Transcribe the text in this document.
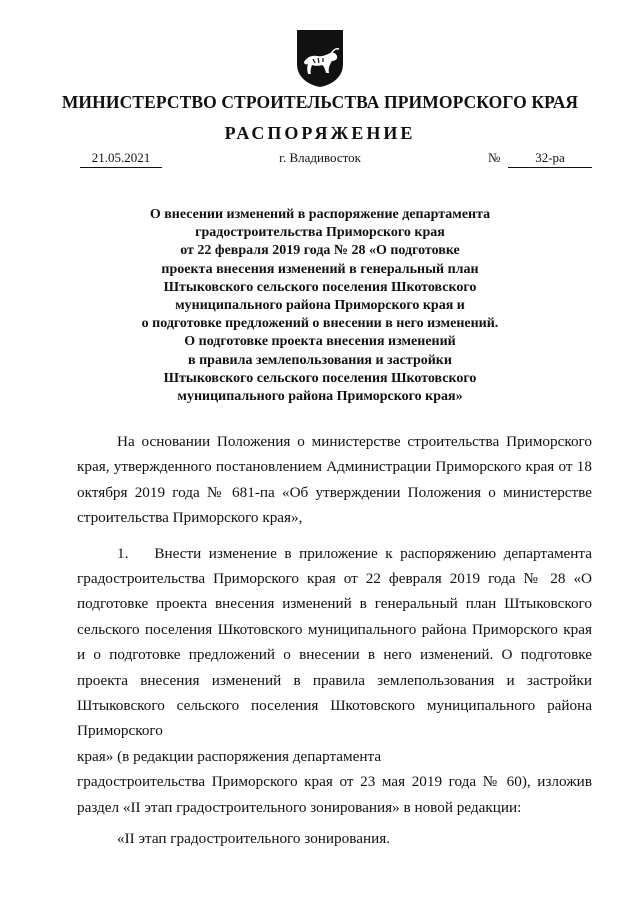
МИНИСТЕРСТВО СТРОИТЕЛЬСТВА ПРИМОРСКОГО КРАЯ
РАСПОРЯЖЕНИЕ
21.05.2021	г. Владивосток	№	32-ра
О внесении изменений в распоряжение департамента
градостроительства Приморского края
от 22 февраля 2019 года № 28 «О подготовке
проекта внесения изменений в генеральный план
Штыковского сельского поселения Шкотовского
муниципального района Приморского края и
о подготовке предложений о внесении в него изменений.
О подготовке проекта внесения изменений
в правила землепользования и застройки
Штыковского сельского поселения Шкотовского
муниципального района Приморского края»

На основании Положения о министерстве строительства Приморского края, утвержденного постановлением Администрации Приморского края от 18 октября 2019 года № 681-па «Об утверждении Положения о министерстве строительства Приморского края»,

1. Внести изменение в приложение к распоряжению департамента градостроительства Приморского края от 22 февраля 2019 года № 28 «О подготовке проекта внесения изменений в генеральный план Штыковского сельского поселения Шкотовского муниципального района Приморского края и о подготовке предложений о внесении в него изменений. О подготовке проекта внесения изменений в правила землепользования и застройки Штыковского сельского поселения Шкотовского муниципального района Приморского

края» (в редакции распоряжения департамента

градостроительства Приморского края от 23 мая 2019 года № 60), изложив раздел «II этап градостроительного зонирования» в новой редакции:

«II этап градостроительного зонирования.
